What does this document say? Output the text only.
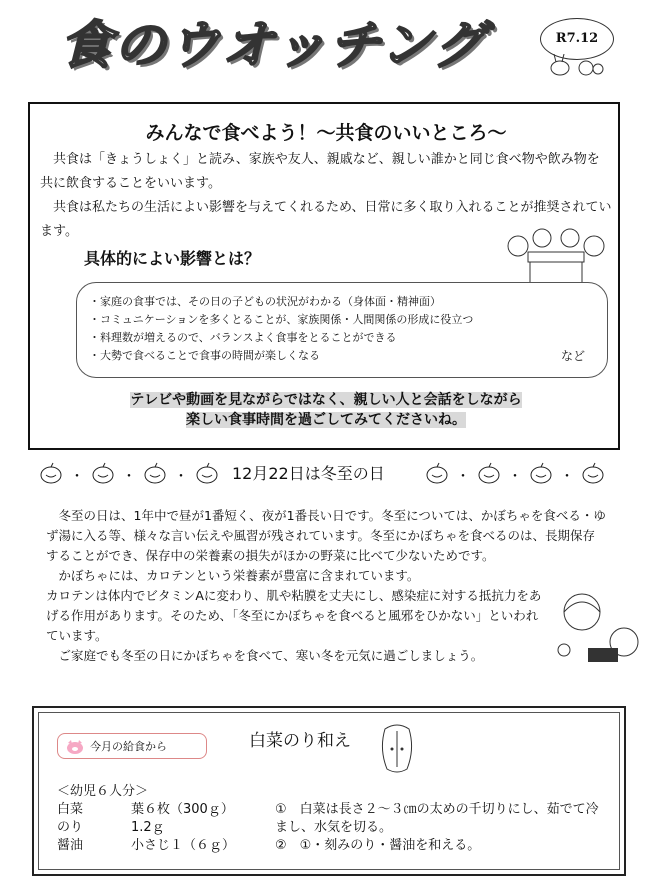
食のウオッチング	R7.12
みんなで食べよう！～共食のいいところ～
　共食は「きょうしょく」と読み、家族や友人、親戚など、親しい誰かと同じ食べ物や飲み物を共に飲食することをいいます。
　共食は私たちの生活によい影響を与えてくれるため、日常に多く取り入れることが推奨されています。
具体的によい影響とは？
・家庭の食事では、その日の子どもの状況がわかる（身体面・精神面）
・コミュニケーションを多くとることが、家族関係・人間関係の形成に役立つ
・料理数が増えるので、バランスよく食事をとることができる
・大勢で食べることで食事の時間が楽しくなる	など
テレビや動画を見ながらではなく、親しい人と会話をしながら
楽しい食事時間を過ごしてみてくださいね。
・	・	・	12月22日は冬至の日	・	・	・
　冬至の日は、1年中で昼が1番短く、夜が1番長い日です。冬至については、かぼちゃを食べる・ゆず湯に入る等、様々な言い伝えや風習が残されています。冬至にかぼちゃを食べるのは、長期保存することができ、保存中の栄養素の損失がほかの野菜に比べて少ないためです。
　かぼちゃには、カロテンという栄養素が豊富に含まれています。
カロテンは体内でビタミンAに変わり、肌や粘膜を丈夫にし、感染症に対する抵抗力をあげる作用があります。そのため、「冬至にかぼちゃを食べると風邪をひかない」といわれています。
　ご家庭でも冬至の日にかぼちゃを食べて、寒い冬を元気に過ごしましょう。
今月の給食から	白菜のり和え
＜幼児６人分＞
白菜	葉６枚（300ｇ）
のり	1.2ｇ
醤油	小さじ１（６ｇ）
①　白菜は長さ２～３㎝の太めの千切りにし、茹でて冷まし、水気を切る。
②　①・刻みのり・醤油を和える。
